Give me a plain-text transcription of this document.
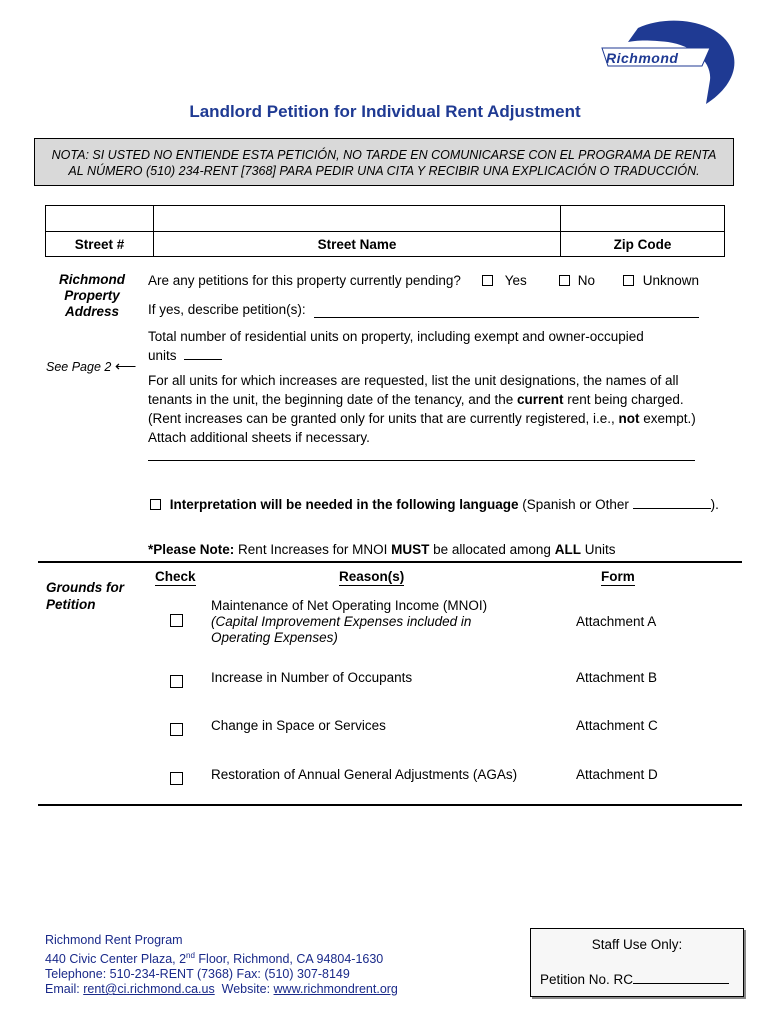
Richmond
Landlord Petition for Individual Rent Adjustment
NOTA: SI USTED NO ENTIENDE ESTA PETICIÓN, NO TARDE EN COMUNICARSE CON EL PROGRAMA DE RENTA
AL NÚMERO (510) 234-RENT [7368] PARA PEDIR UNA CITA Y RECIBIR UNA EXPLICACIÓN O TRADUCCIÓN.
Street #	Street Name	Zip Code
Richmond
Property
Address
See Page 2 ⟵
Are any petitions for this property currently pending?	Yes	No	Unknown
If yes, describe petition(s):
Total number of residential units on property, including exempt and owner-occupied
units
For all units for which increases are requested, list the unit designations, the names of all
tenants in the unit, the beginning date of the tenancy, and the current rent being charged.
(Rent increases can be granted only for units that are currently registered, i.e., not exempt.)
Attach additional sheets if necessary.
Interpretation will be needed in the following language (Spanish or Other	).
*Please Note: Rent Increases for MNOI MUST be allocated among ALL Units
Grounds for
Petition
Check	Reason(s)	Form
Maintenance of Net Operating Income (MNOI)
(Capital Improvement Expenses included in
Operating Expenses)
Attachment A
Increase in Number of Occupants	Attachment B
Change in Space or Services	Attachment C
Restoration of Annual General Adjustments (AGAs)	Attachment D
Richmond Rent Program
440 Civic Center Plaza, 2nd Floor, Richmond, CA 94804-1630
Telephone: 510-234-RENT (7368) Fax: (510) 307-8149
Email: rent@ci.richmond.ca.us  Website: www.richmondrent.org
Staff Use Only:
Petition No. RC
